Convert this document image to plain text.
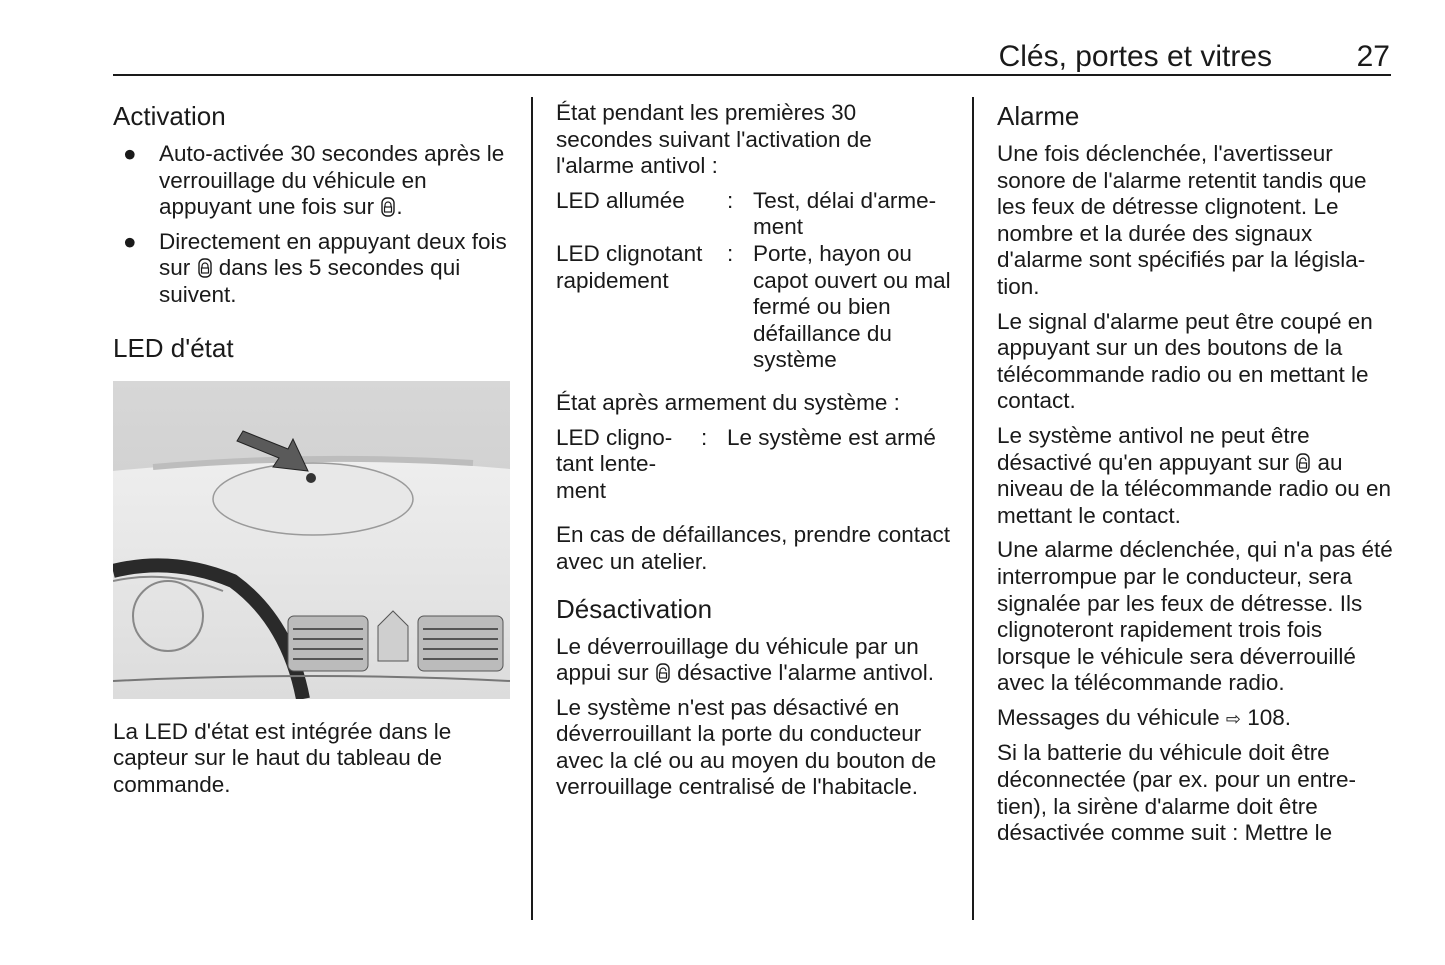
Clés, portes et vitres	27
Activation
● Auto-activée 30 secondes après le verrouillage du véhicule en appuyant une fois sur .
● Directement en appuyant deux fois sur dans les 5 secondes qui suivent.
LED d'état

La LED d'état est intégrée dans le capteur sur le haut du tableau de commande.

État pendant les premières 30 secondes suivant l'activation de l'alarme antivol :

LED allumée	: Test, délai d'arme-ment
LED clignotant rapidement
: Porte, hayon ou capot ouvert ou mal fermé ou bien défaillance du système

État après armement du système :

LED cligno-tant lente-ment
: Le système est armé

En cas de défaillances, prendre contact avec un atelier.

Désactivation

Le déverrouillage du véhicule par un appui sur désactive l'alarme antivol.

Le système n'est pas désactivé en déverrouillant la porte du conducteur avec la clé ou au moyen du bouton de verrouillage centralisé de l'habitacle.

Alarme

Une fois déclenchée, l'avertisseur sonore de l'alarme retentit tandis que les feux de détresse clignotent. Le nombre et la durée des signaux d'alarme sont spécifiés par la législa-tion.

Le signal d'alarme peut être coupé en appuyant sur un des boutons de la télécommande radio ou en mettant le contact.

Le système antivol ne peut être désactivé qu'en appuyant sur au niveau de la télécommande radio ou en mettant le contact.

Une alarme déclenchée, qui n'a pas été interrompue par le conducteur, sera signalée par les feux de détresse. Ils clignoteront rapidement trois fois lorsque le véhicule sera déverrouillé avec la télécommande radio.

Messages du véhicule ⇨ 108.

Si la batterie du véhicule doit être déconnectée (par ex. pour un entre-tien), la sirène d'alarme doit être désactivée comme suit : Mettre le
